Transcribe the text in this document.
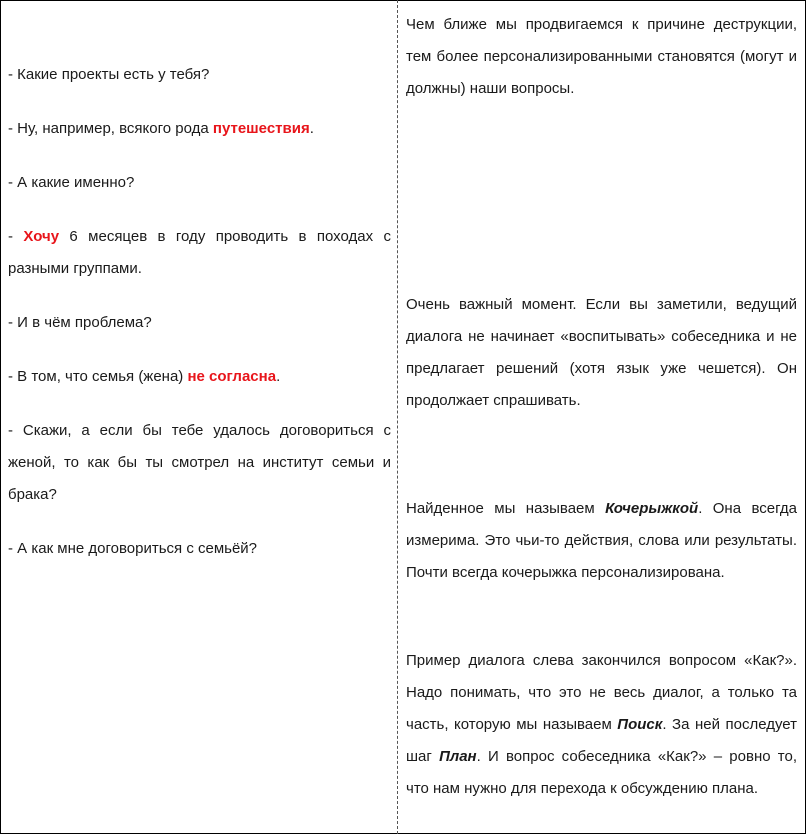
- Какие проекты есть у тебя?

- Ну, например, всякого рода путешествия.

- А какие именно?

- Хочу 6 месяцев в году проводить в походах с разными группами.

- И в чём проблема?

- В том, что семья (жена) не согласна.

- Скажи, а если бы тебе удалось договориться с женой, то как бы ты смотрел на институт семьи и брака?

- А как мне договориться с семьёй?

Чем ближе мы продвигаемся к причине деструкции, тем более персонализированными становятся (могут и должны) наши вопросы.

Очень важный момент. Если вы заметили, ведущий диалога не начинает «воспитывать» собеседника и не предлагает решений (хотя язык уже чешется). Он продолжает спрашивать.

Найденное мы называем Кочерыжкой. Она всегда измерима. Это чьи-то действия, слова или результаты. Почти всегда кочерыжка персонализирована.

Пример диалога слева закончился вопросом «Как?». Надо понимать, что это не весь диалог, а только та часть, которую мы называем Поиск. За ней последует шаг План. И вопрос собеседника «Как?» – ровно то, что нам нужно для перехода к обсуждению плана.
